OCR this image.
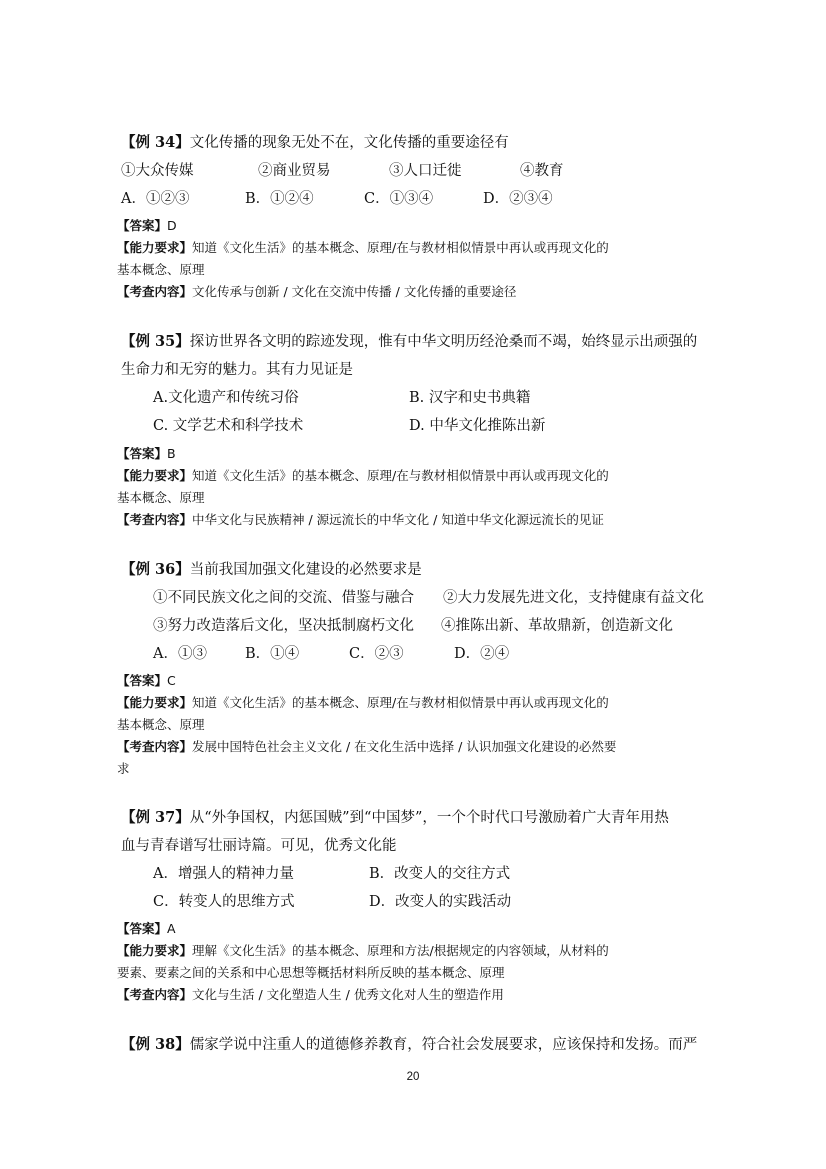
【例 34】文化传播的现象无处不在，文化传播的重要途径有
①大众传媒	②商业贸易	③人口迁徙	④教育
A．①②③	B．①②④	C．①③④	D．②③④
【答案】D
【能力要求】知道《文化生活》的基本概念、原理/在与教材相似情景中再认或再现文化的
基本概念、原理
【考查内容】文化传承与创新 / 文化在交流中传播 / 文化传播的重要途径
【例 35】探访世界各文明的踪迹发现，惟有中华文明历经沧桑而不竭，始终显示出顽强的
生命力和无穷的魅力。其有力见证是
A.文化遗产和传统习俗	B. 汉字和史书典籍
C. 文学艺术和科学技术	D. 中华文化推陈出新
【答案】B
【能力要求】知道《文化生活》的基本概念、原理/在与教材相似情景中再认或再现文化的
基本概念、原理
【考查内容】中华文化与民族精神 / 源远流长的中华文化 / 知道中华文化源远流长的见证
【例 36】当前我国加强文化建设的必然要求是
①不同民族文化之间的交流、借鉴与融合 ②大力发展先进文化，支持健康有益文化
③努力改造落后文化，坚决抵制腐朽文化 ④推陈出新、革故鼎新，创造新文化
A．①③	B．①④	C．②③	D．②④
【答案】C
【能力要求】知道《文化生活》的基本概念、原理/在与教材相似情景中再认或再现文化的
基本概念、原理
【考查内容】发展中国特色社会主义文化 / 在文化生活中选择 / 认识加强文化建设的必然要
求
【例 37】从“外争国权，内惩国贼”到“中国梦”，一个个时代口号激励着广大青年用热
血与青春谱写壮丽诗篇。可见，优秀文化能
A．增强人的精神力量	B．改变人的交往方式
C．转变人的思维方式	D．改变人的实践活动
【答案】A
【能力要求】理解《文化生活》的基本概念、原理和方法/根据规定的内容领域，从材料的
要素、要素之间的关系和中心思想等概括材料所反映的基本概念、原理
【考查内容】文化与生活 / 文化塑造人生 / 优秀文化对人生的塑造作用
【例 38】儒家学说中注重人的道德修养教育，符合社会发展要求，应该保持和发扬。而严
20
